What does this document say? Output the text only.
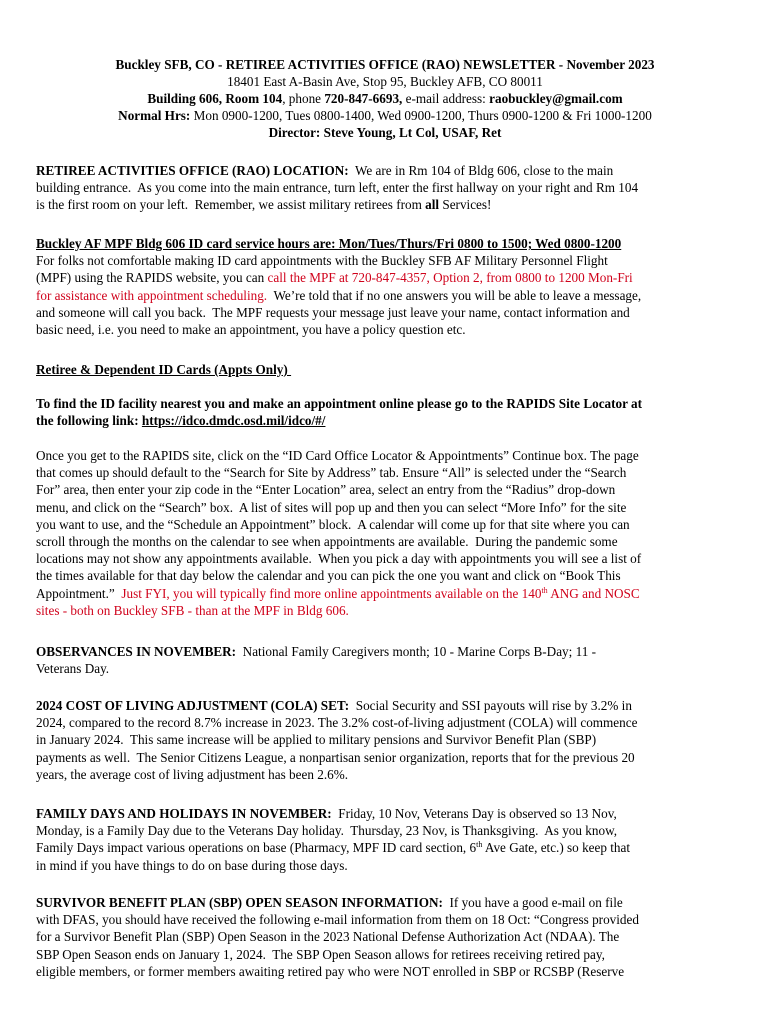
Buckley SFB, CO - RETIREE ACTIVITIES OFFICE (RAO) NEWSLETTER - November 2023
18401 East A-Basin Ave, Stop 95, Buckley AFB, CO 80011
Building 606, Room 104, phone 720-847-6693, e-mail address: raobuckley@gmail.com
Normal Hrs: Mon 0900-1200, Tues 0800-1400, Wed 0900-1200, Thurs 0900-1200 & Fri 1000-1200
Director: Steve Young, Lt Col, USAF, Ret
RETIREE ACTIVITIES OFFICE (RAO) LOCATION:  We are in Rm 104 of Bldg 606, close to the main
building entrance.  As you come into the main entrance, turn left, enter the first hallway on your right and Rm 104
is the first room on your left.  Remember, we assist military retirees from all Services!
Buckley AF MPF Bldg 606 ID card service hours are: Mon/Tues/Thurs/Fri 0800 to 1500; Wed 0800-1200
For folks not comfortable making ID card appointments with the Buckley SFB AF Military Personnel Flight
(MPF) using the RAPIDS website, you can call the MPF at 720-847-4357, Option 2, from 0800 to 1200 Mon-Fri
for assistance with appointment scheduling.  We’re told that if no one answers you will be able to leave a message,
and someone will call you back.  The MPF requests your message just leave your name, contact information and
basic need, i.e. you need to make an appointment, you have a policy question etc.
Retiree & Dependent ID Cards (Appts Only)
To find the ID facility nearest you and make an appointment online please go to the RAPIDS Site Locator at
the following link: https://idco.dmdc.osd.mil/idco/#/
Once you get to the RAPIDS site, click on the “ID Card Office Locator & Appointments” Continue box. The page
that comes up should default to the “Search for Site by Address” tab. Ensure “All” is selected under the “Search
For” area, then enter your zip code in the “Enter Location” area, select an entry from the “Radius” drop-down
menu, and click on the “Search” box.  A list of sites will pop up and then you can select “More Info” for the site
you want to use, and the “Schedule an Appointment” block.  A calendar will come up for that site where you can
scroll through the months on the calendar to see when appointments are available.  During the pandemic some
locations may not show any appointments available.  When you pick a day with appointments you will see a list of
the times available for that day below the calendar and you can pick the one you want and click on “Book This
Appointment.”  Just FYI, you will typically find more online appointments available on the 140th ANG and NOSC
sites - both on Buckley SFB - than at the MPF in Bldg 606.
OBSERVANCES IN NOVEMBER:  National Family Caregivers month; 10 - Marine Corps B-Day; 11 -
Veterans Day.
2024 COST OF LIVING ADJUSTMENT (COLA) SET:  Social Security and SSI payouts will rise by 3.2% in
2024, compared to the record 8.7% increase in 2023. The 3.2% cost-of-living adjustment (COLA) will commence
in January 2024.  This same increase will be applied to military pensions and Survivor Benefit Plan (SBP)
payments as well.  The Senior Citizens League, a nonpartisan senior organization, reports that for the previous 20
years, the average cost of living adjustment has been 2.6%.
FAMILY DAYS AND HOLIDAYS IN NOVEMBER:  Friday, 10 Nov, Veterans Day is observed so 13 Nov,
Monday, is a Family Day due to the Veterans Day holiday.  Thursday, 23 Nov, is Thanksgiving.  As you know,
Family Days impact various operations on base (Pharmacy, MPF ID card section, 6th Ave Gate, etc.) so keep that
in mind if you have things to do on base during those days.
SURVIVOR BENEFIT PLAN (SBP) OPEN SEASON INFORMATION:  If you have a good e-mail on file
with DFAS, you should have received the following e-mail information from them on 18 Oct: “Congress provided
for a Survivor Benefit Plan (SBP) Open Season in the 2023 National Defense Authorization Act (NDAA). The
SBP Open Season ends on January 1, 2024.  The SBP Open Season allows for retirees receiving retired pay,
eligible members, or former members awaiting retired pay who were NOT enrolled in SBP or RCSBP (Reserve
